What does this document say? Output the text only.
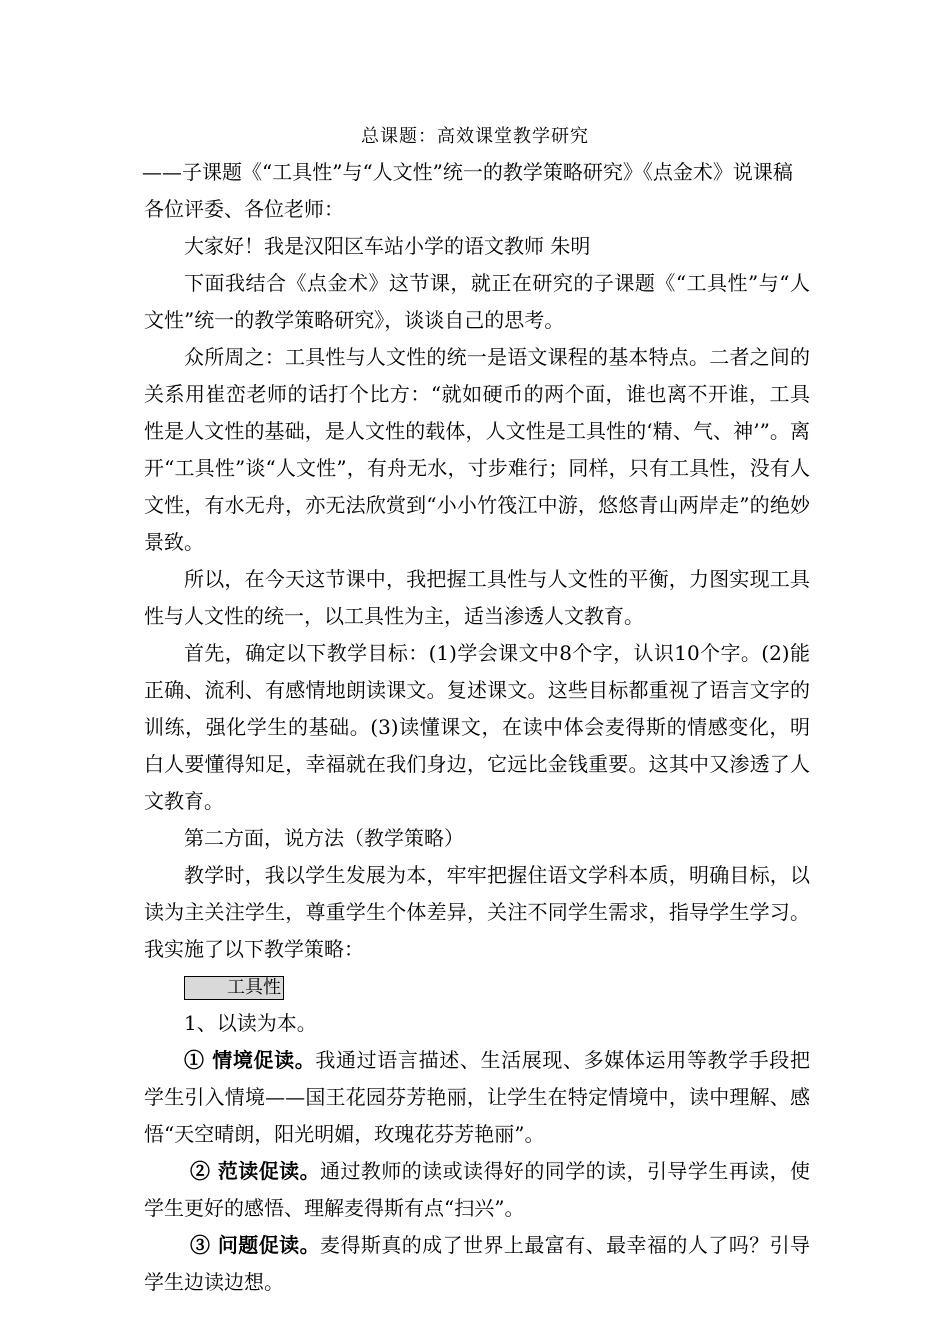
总课题：高效课堂教学研究
——子课题《“工具性”与“人文性”统一的教学策略研究》《点金术》说课稿
各位评委、各位老师：
大家好！我是汉阳区车站小学的语文教师 朱明
下面我结合《点金术》这节课，就正在研究的子课题《“工具性”与“人文性”统一的教学策略研究》，谈谈自己的思考。
众所周之：工具性与人文性的统一是语文课程的基本特点。二者之间的关系用崔峦老师的话打个比方：“就如硬币的两个面，谁也离不开谁，工具性是人文性的基础，是人文性的载体，人文性是工具性的‘精、气、神’”。离开“工具性”谈“人文性”，有舟无水，寸步难行；同样，只有工具性，没有人文性，有水无舟，亦无法欣赏到“小小竹筏江中游，悠悠青山两岸走”的绝妙景致。
所以，在今天这节课中，我把握工具性与人文性的平衡，力图实现工具性与人文性的统一，以工具性为主，适当渗透人文教育。
首先，确定以下教学目标：(1)学会课文中8个字，认识10个字。(2)能正确、流利、有感情地朗读课文。复述课文。这些目标都重视了语言文字的训练，强化学生的基础。(3)读懂课文，在读中体会麦得斯的情感变化，明白人要懂得知足，幸福就在我们身边，它远比金钱重要。这其中又渗透了人文教育。
第二方面，说方法（教学策略）
教学时，我以学生发展为本，牢牢把握住语文学科本质，明确目标，以读为主关注学生，尊重学生个体差异，关注不同学生需求，指导学生学习。我实施了以下教学策略：
工具性
1、以读为本。
① 情境促读。我通过语言描述、生活展现、多媒体运用等教学手段把学生引入情境——国王花园芬芳艳丽，让学生在特定情境中，读中理解、感悟“天空晴朗，阳光明媚，玫瑰花芬芳艳丽”。
② 范读促读。通过教师的读或读得好的同学的读，引导学生再读，使学生更好的感悟、理解麦得斯有点“扫兴”。
③ 问题促读。麦得斯真的成了世界上最富有、最幸福的人了吗？引导学生边读边想。
